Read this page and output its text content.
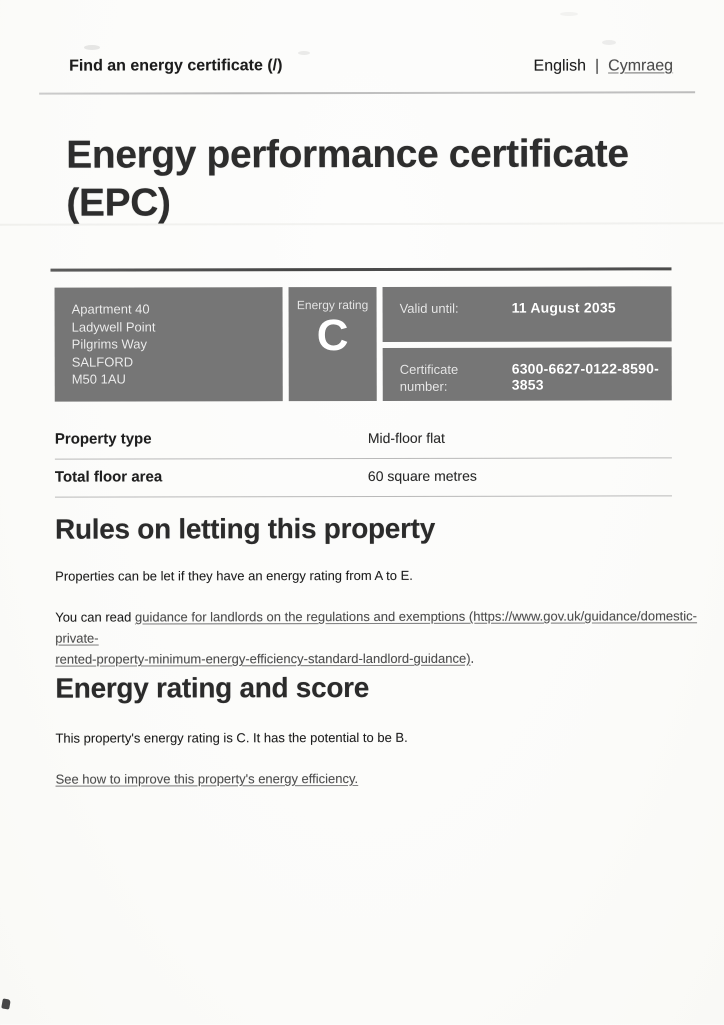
Find an energy certificate (/)	English | Cymraeg
Energy performance certificate (EPC)
Apartment 40
Ladywell Point
Pilgrims Way
SALFORD
M50 1AU
Energy rating
C
Valid until:	11 August 2035
Certificate number:
6300-6627-0122-8590-3853
Property type	Mid-floor flat
Total floor area	60 square metres
Rules on letting this property

Properties can be let if they have an energy rating from A to E.

You can read guidance for landlords on the regulations and exemptions (https://www.gov.uk/guidance/domestic-private-
rented-property-minimum-energy-efficiency-standard-landlord-guidance).

Energy rating and score

This property's energy rating is C. It has the potential to be B.

See how to improve this property's energy efficiency.
